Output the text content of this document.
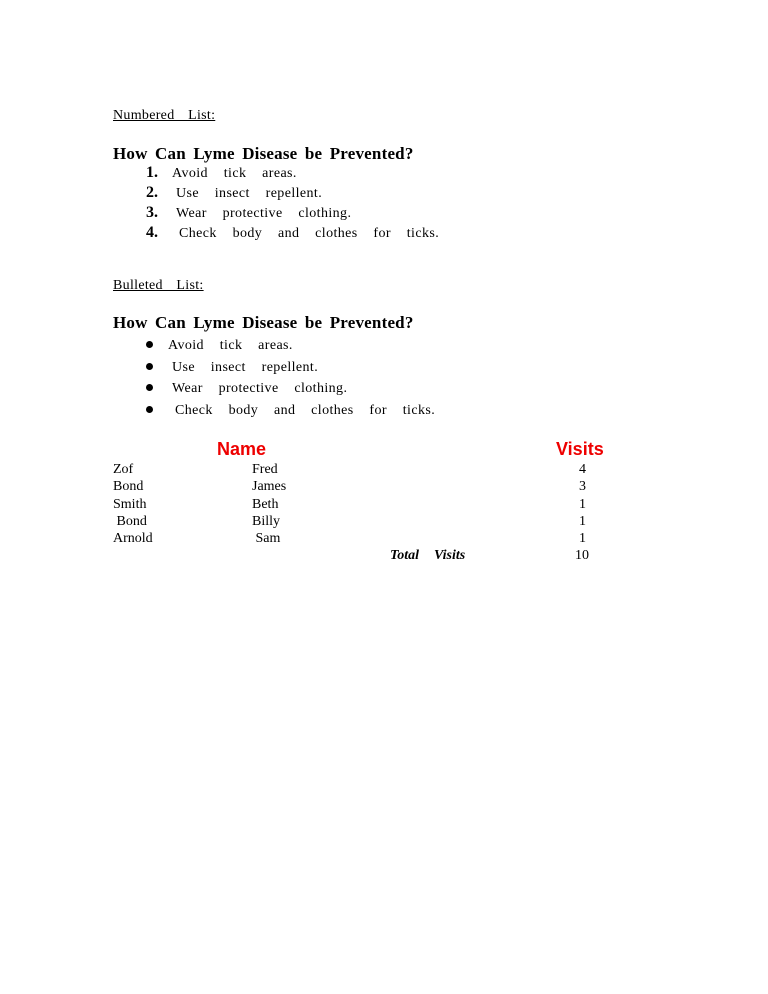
Numbered  List:
How Can Lyme Disease be Prevented?
1. Avoid  tick  areas.
2. Use  insect  repellent.
3. Wear  protective  clothing.
4. Check  body  and  clothes  for  ticks.
Bulleted  List:
How Can Lyme Disease be Prevented?
Avoid  tick  areas.
Use  insect  repellent.
Wear  protective  clothing.
Check  body  and  clothes  for  ticks.
Name	Visits
Zof	Fred	4
Bond	James	3
Smith	Beth	1
Bond	Billy	1
Arnold	Sam	1
Total  Visits	10
